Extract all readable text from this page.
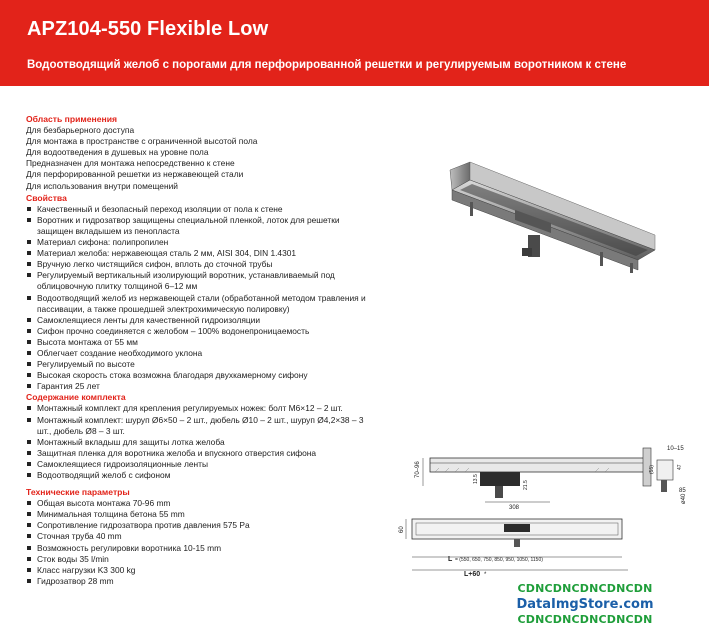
APZ104-550 Flexible Low
Водоотводящий желоб с порогами для перфорированной решетки и регулируемым воротником к стене
Область применения
Для безбарьерного доступа
Для монтажа в пространстве с ограниченной высотой пола
Для водоотведения в душевых на уровне пола
Предназначен для монтажа непосредственно к стене
Для перфорированной решетки из нержавеющей стали
Для использования внутри помещений
Свойства
Качественный и безопасный переход изоляции от пола к стене
Воротник и гидрозатвор защищены специальной пленкой, лоток для решетки защищен вкладышем из пенопласта
Материал сифона: полипропилен
Материал желоба: нержавеющая сталь 2 мм, AISI 304, DIN 1.4301
Вручную легко чистящийся сифон, вплоть до сточной трубы
Регулируемый вертикальный изолирующий воротник, устанавливаемый под облицовочную плитку толщиной 6–12 мм
Водоотводящий желоб из нержавеющей стали (обработанной методом травления и пассивации, а также прошедшей электрохимическую полировку)
Самоклеящиеся ленты для качественной гидроизоляции
Сифон прочно соединяется с желобом – 100% водонепроницаемость
Высота монтажа от 55 мм
Облегчает создание необходимого уклона
Регулируемый по высоте
Высокая скорость стока возможна благодаря двухкамерному сифону
Гарантия 25 лет
Содержание комплекта
Монтажный комплект для крепления регулируемых ножек: болт М6×12 – 2 шт.
Монтажный комплект: шуруп Ø6×50 – 2 шт., дюбель Ø10 – 2 шт., шуруп Ø4,2×38 – 3 шт., дюбель Ø8 – 3 шт.
Монтажный вкладыш для защиты лотка желоба
Защитная пленка для воротника желоба и впускного отверстия сифона
Самоклеящиеся гидроизоляционные ленты
Водоотводящий желоб с сифоном
Технические параметры
Общая высота монтажа 70-96 mm
Минимальная толщина бетона 55 mm
Сопротивление гидрозатвора против давления 575 Pa
Сточная труба 40 mm
Возможность регулировки воротника 10-15 mm
Сток воды 35 l/min
Класс нагрузки K3 300 kg
Гидрозатвор 28 mm
70–96
13.5
21.5
308
10–15
(55)	47
85
ø40
60
L = (550, 650, 750, 850, 950, 1050, 1150)
L+60 *
CDNCDNCDNCDNCDN
DataImgStore.com
CDNCDNCDNCDNCDN
